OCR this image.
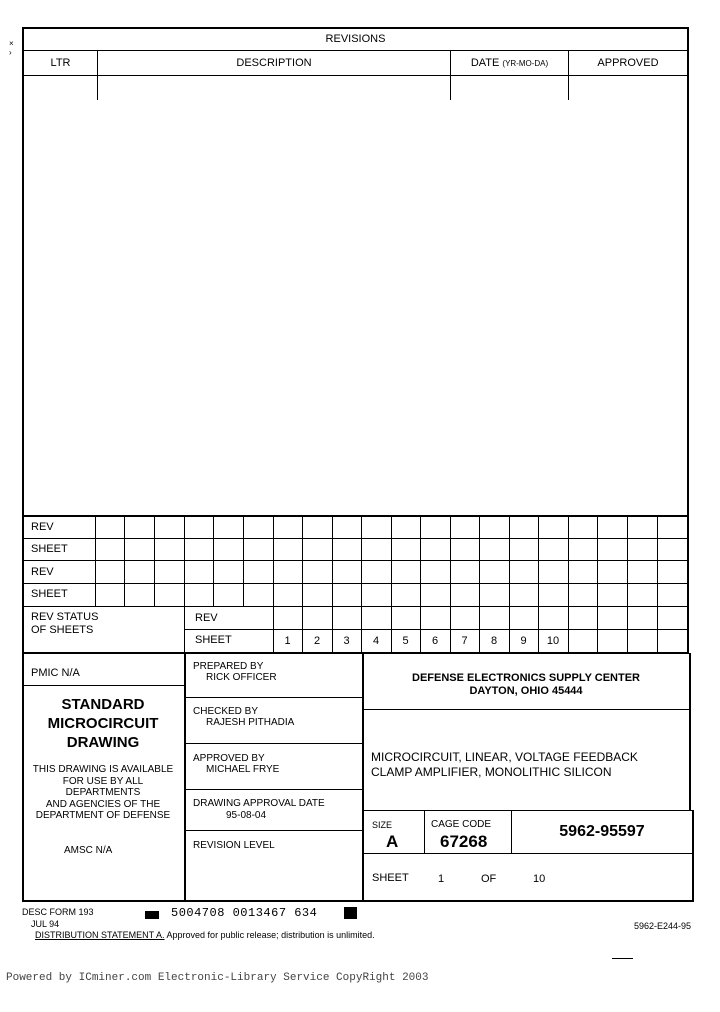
REVISIONS
LTR	DESCRIPTION	DATE (YR-MO-DA)	APPROVED
×
›
REV
SHEET
REV
SHEET
REV STATUS
OF SHEETS
REV
SHEET	1	2	3	4	5	6	7	8	9	10
PMIC N/A
STANDARD
MICROCIRCUIT
DRAWING
THIS DRAWING IS AVAILABLE
FOR USE BY ALL
DEPARTMENTS
AND AGENCIES OF THE
DEPARTMENT OF DEFENSE
AMSC N/A
PREPARED BY
RICK OFFICER
CHECKED BY
RAJESH PITHADIA
APPROVED BY
MICHAEL FRYE
DRAWING APPROVAL DATE
95-08-04
REVISION LEVEL
DEFENSE ELECTRONICS SUPPLY CENTER
DAYTON, OHIO 45444
MICROCIRCUIT, LINEAR, VOLTAGE FEEDBACK
CLAMP AMPLIFIER, MONOLITHIC SILICON
SIZE
A
CAGE CODE
67268
5962-95597
SHEET	1	OF	10
DESC FORM 193
JUL 94
5004708 0013467 634
DISTRIBUTION STATEMENT A. Approved for public release; distribution is unlimited.
5962-E244-95
Powered by ICminer.com Electronic-Library Service CopyRight 2003
